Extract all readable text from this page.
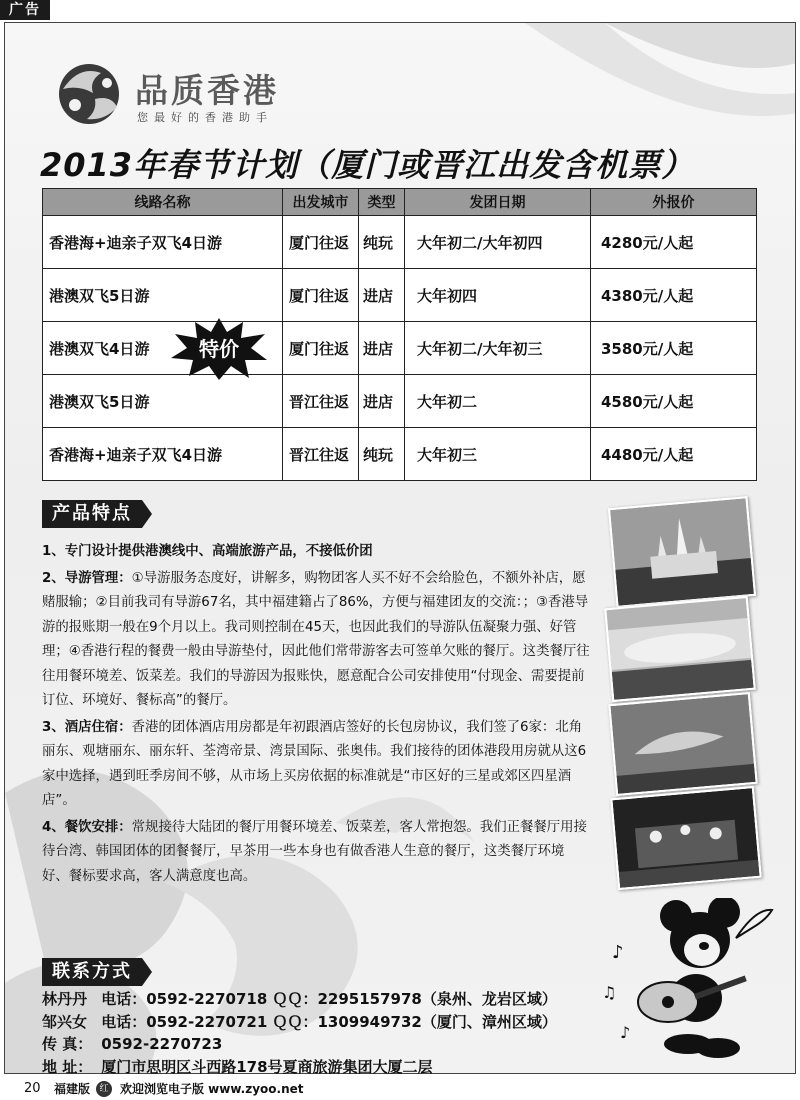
广告
品质香港
您最好的香港助手
2013年春节计划（厦门或晋江出发含机票）
线路名称	出发城市	类型	发团日期	外报价
香港海+迪亲子双飞4日游	厦门往返	纯玩	大年初二/大年初四	4280元/人起
港澳双飞5日游	厦门往返	进店	大年初四	4380元/人起
港澳双飞4日游 特价	厦门往返	进店	大年初二/大年初三	3580元/人起
港澳双飞5日游	晋江往返	进店	大年初二	4580元/人起
香港海+迪亲子双飞4日游	晋江往返	纯玩	大年初三	4480元/人起
产品特点
1、专门设计提供港澳线中、高端旅游产品，不接低价团
2、导游管理：①导游服务态度好，讲解多，购物团客人买不好不会给脸色，不额外补店，愿赌服输；②目前我司有导游67名，其中福建籍占了86%，方便与福建团友的交流：；③香港导游的报账期一般在9个月以上。我司则控制在45天，也因此我们的导游队伍凝聚力强、好管理；④香港行程的餐费一般由导游垫付，因此他们常带游客去可签单欠账的餐厅。这类餐厅往往用餐环境差、饭菜差。我们的导游因为报账快，愿意配合公司安排使用“付现金、需要提前订位、环境好、餐标高”的餐厅。
3、酒店住宿：香港的团体酒店用房都是年初跟酒店签好的长包房协议，我们签了6家：北角丽东、观塘丽东、丽东轩、荃湾帝景、湾景国际、张奥伟。我们接待的团体港段用房就从这6家中选择，遇到旺季房间不够，从市场上买房依据的标准就是“市区好的三星或郊区四星酒店”。
4、餐饮安排：常规接待大陆团的餐厅用餐环境差、饭菜差，客人常抱怨。我们正餐餐厅用接待台湾、韩国团体的团餐餐厅，早茶用一些本身也有做香港人生意的餐厅，这类餐厅环境好、餐标要求高，客人满意度也高。
♪
♪
♫
联系方式
林丹丹 电话：0592-2270718 ＱＱ：2295157978（泉州、龙岩区域）
邹兴女 电话：0592-2270721 ＱＱ：1309949732（厦门、漳州区域）
传 真： 0592-2270723
地 址： 厦门市思明区斗西路178号夏商旅游集团大厦二层
20 福建版	红 欢迎浏览电子版 www.zyoo.net
